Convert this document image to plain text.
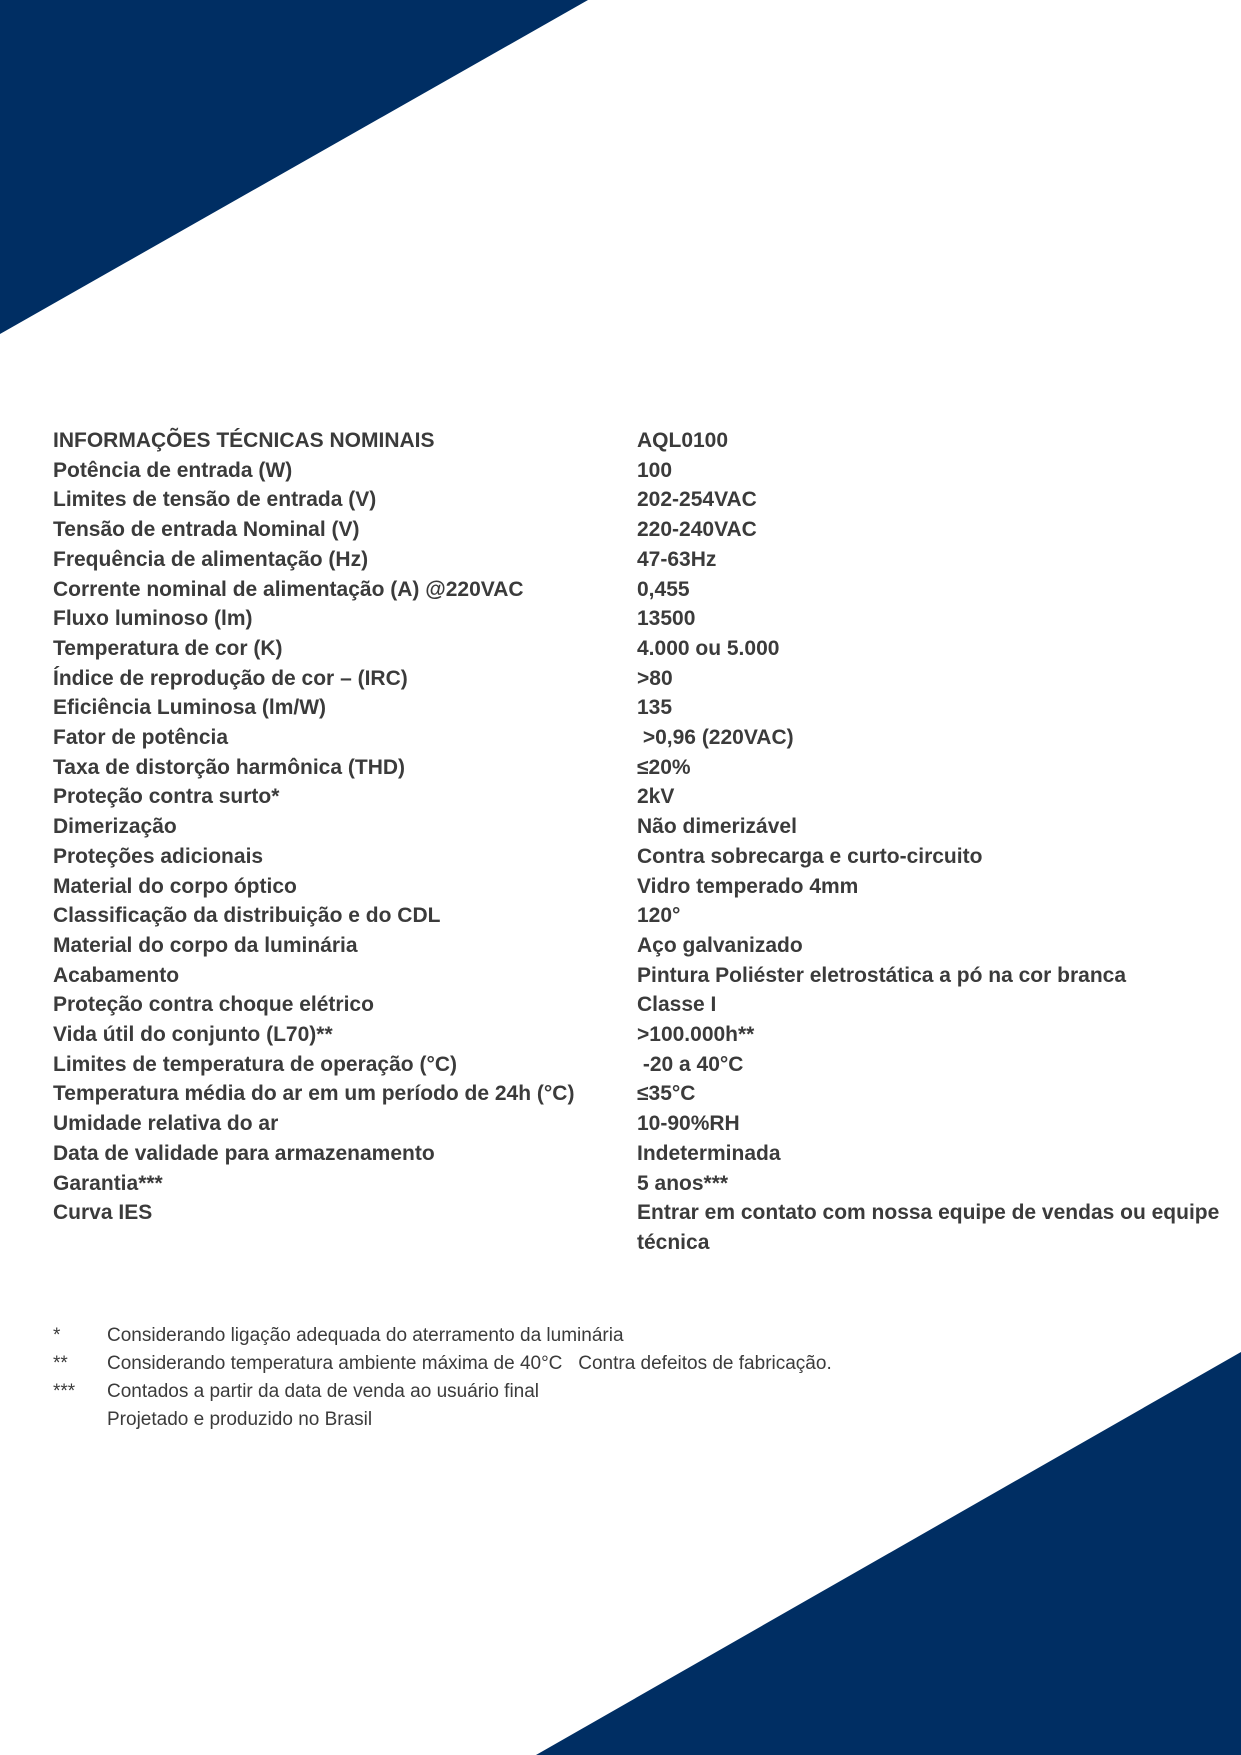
INFORMAÇÕES TÉCNICAS NOMINAIS	AQL0100
Potência de entrada (W)	100
Limites de tensão de entrada (V)	202-254VAC
Tensão de entrada Nominal (V)	220-240VAC
Frequência de alimentação (Hz)	47-63Hz
Corrente nominal de alimentação (A) @220VAC	0,455
Fluxo luminoso (lm)	13500
Temperatura de cor (K)	4.000 ou 5.000
Índice de reprodução de cor – (IRC)	>80
Eficiência Luminosa (lm/W)	135
Fator de potência	>0,96 (220VAC)
Taxa de distorção harmônica (THD)	≤20%
Proteção contra surto*	2kV
Dimerização	Não dimerizável
Proteções adicionais	Contra sobrecarga e curto-circuito
Material do corpo óptico	Vidro temperado 4mm
Classificação da distribuição e do CDL	120°
Material do corpo da luminária	Aço galvanizado
Acabamento	Pintura Poliéster eletrostática a pó na cor branca
Proteção contra choque elétrico	Classe I
Vida útil do conjunto (L70)**	>100.000h**
Limites de temperatura de operação (°C)	-20 a 40°C
Temperatura média do ar em um período de 24h (°C)	≤35°C
Umidade relativa do ar	10-90%RH
Data de validade para armazenamento	Indeterminada
Garantia***	5 anos***
Curva IES	Entrar em contato com nossa equipe de vendas ou equipe técnica
*	Considerando ligação adequada do aterramento da luminária
**	Considerando temperatura ambiente máxima de 40°C   Contra defeitos de fabricação.
***	Contados a partir da data de venda ao usuário final
Projetado e produzido no Brasil
